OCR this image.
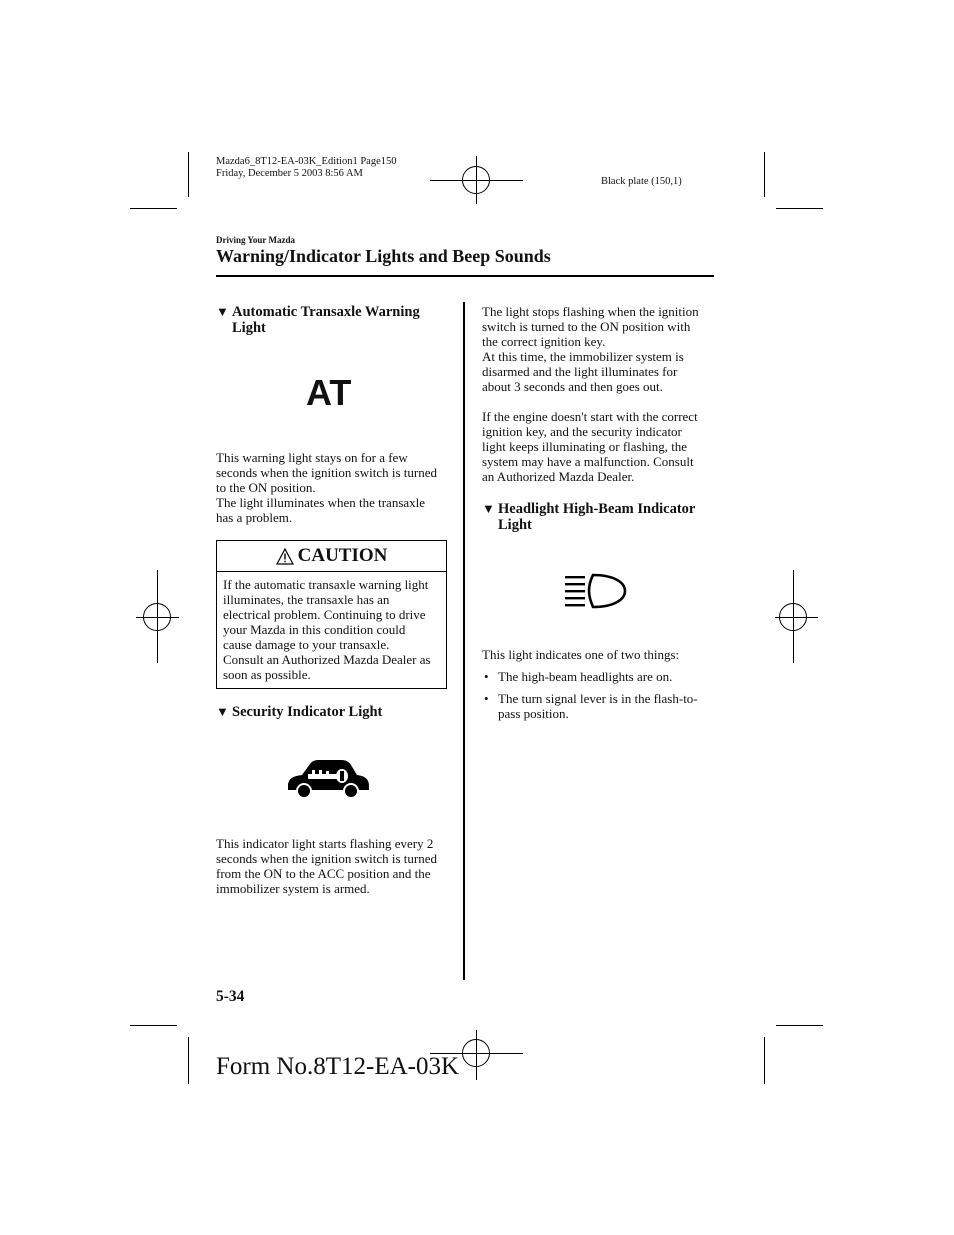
Mazda6_8T12-EA-03K_Edition1 Page150
Friday, December 5 2003 8:56 AM
Black plate (150,1)
Driving Your Mazda
Warning/Indicator Lights and Beep Sounds
▼ Automatic Transaxle Warning
Light
AT
This warning light stays on for a few
seconds when the ignition switch is turned
to the ON position.
The light illuminates when the transaxle
has a problem.
CAUTION
If the automatic transaxle warning light
illuminates, the transaxle has an
electrical problem. Continuing to drive
your Mazda in this condition could
cause damage to your transaxle.
Consult an Authorized Mazda Dealer as
soon as possible.
▼ Security Indicator Light
This indicator light starts flashing every 2
seconds when the ignition switch is turned
from the ON to the ACC position and the
immobilizer system is armed.
The light stops flashing when the ignition
switch is turned to the ON position with
the correct ignition key.
At this time, the immobilizer system is
disarmed and the light illuminates for
about 3 seconds and then goes out.
If the engine doesn't start with the correct
ignition key, and the security indicator
light keeps illuminating or flashing, the
system may have a malfunction. Consult
an Authorized Mazda Dealer.
▼ Headlight High-Beam Indicator
Light
This light indicates one of two things:
• The high-beam headlights are on.
• The turn signal lever is in the flash-to-
pass position.
5-34
Form No.8T12-EA-03K
